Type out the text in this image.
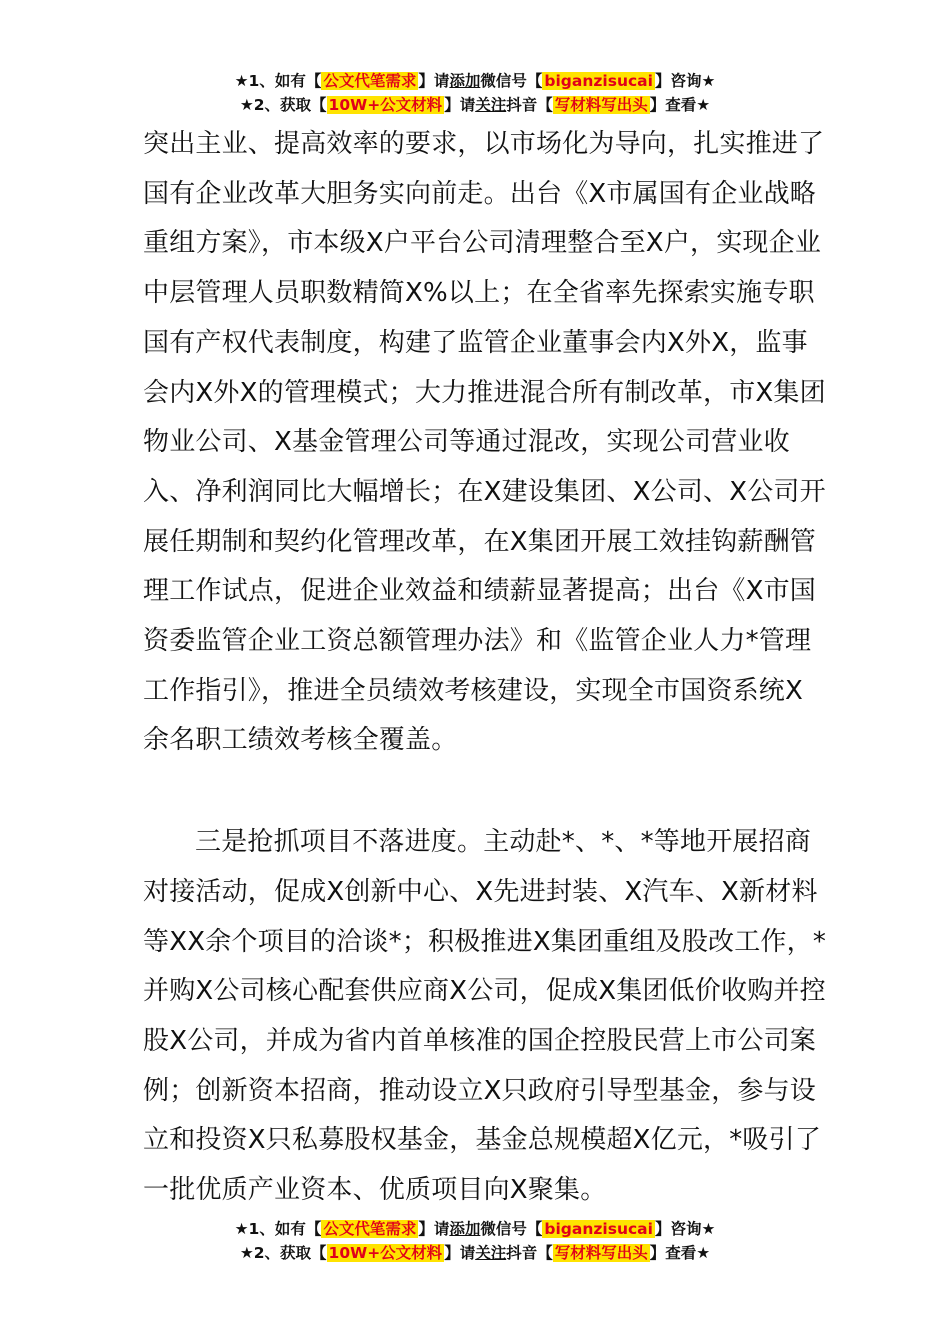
★1、如有【 公文代笔需求 】请添加微信号【 biganzisucai 】咨询★
★2、获取【 10W+公文材料 】请关注抖音【 写材料写出头 】查看★

突出主业、提高效率的要求，以市场化为导向，扎实推进了国有企业改革大胆务实向前走。出台《X市属国有企业战略重组方案》，市本级X户平台公司清理整合至X户，实现企业中层管理人员职数精简X%以上；在全省率先探索实施专职国有产权代表制度，构建了监管企业董事会内X外X，监事会内X外X的管理模式；大力推进混合所有制改革，市X集团物业公司、X基金管理公司等通过混改，实现公司营业收入、净利润同比大幅增长；在X建设集团、X公司、X公司开展任期制和契约化管理改革，在X集团开展工效挂钩薪酬管理工作试点，促进企业效益和绩薪显著提高；出台《X市国资委监管企业工资总额管理办法》和《监管企业人力*管理工作指引》，推进全员绩效考核建设，实现全市国资系统X余名职工绩效考核全覆盖。

三是抢抓项目不落进度。主动赴*、*、*等地开展招商对接活动，促成X创新中心、X先进封装、X汽车、X新材料等XX余个项目的洽谈*；积极推进X集团重组及股改工作，*并购X公司核心配套供应商X公司，促成X集团低价收购并控股X公司，并成为省内首单核准的国企控股民营上市公司案例；创新资本招商，推动设立X只政府引导型基金，参与设立和投资X只私募股权基金，基金总规模超X亿元，*吸引了一批优质产业资本、优质项目向X聚集。

★1、如有【 公文代笔需求 】请添加微信号【 biganzisucai 】咨询★
★2、获取【 10W+公文材料 】请关注抖音【 写材料写出头 】查看★
